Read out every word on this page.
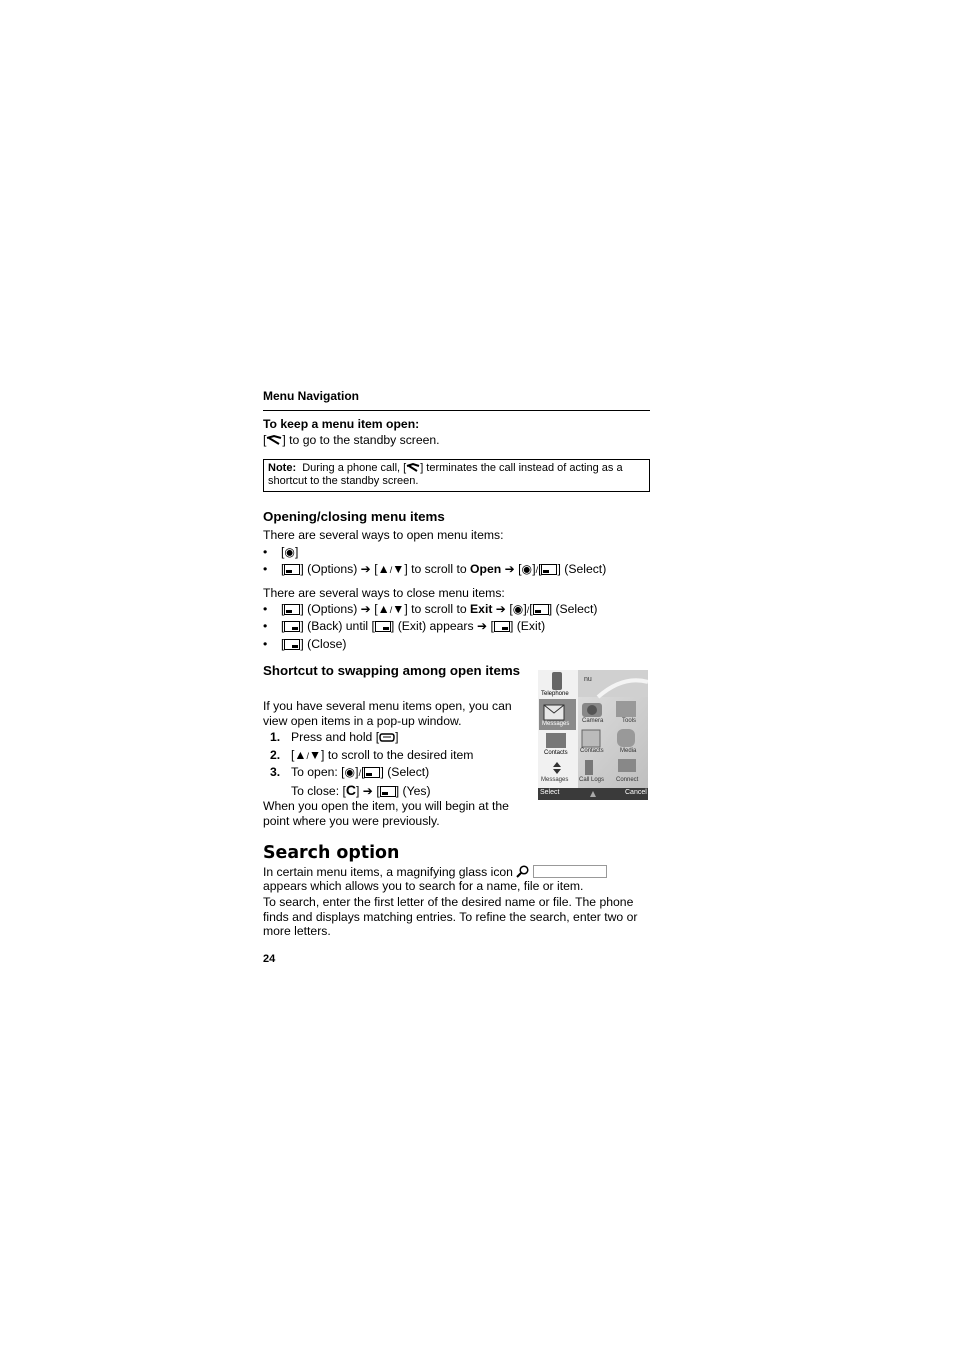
Menu Navigation
To keep a menu item open:
[ ] to go to the standby screen.
Note: During a phone call, [ ] terminates the call instead of acting as a shortcut to the standby screen.
Opening/closing menu items
There are several ways to open menu items:
• [◉]
• [ ] (Options) ➔ [▲/▼] to scroll to Open ➔ [◉]/[ ] (Select)
There are several ways to close menu items:
• [ ] (Options) ➔ [▲/▼] to scroll to Exit ➔ [◉]/[ ] (Select)
• [ ] (Back) until [ ] (Exit) appears ➔ [ ] (Exit)
• [ ] (Close)
Shortcut to swapping among open items
If you have several menu items open, you can view open items in a pop-up window.
1. Press and hold [ ]
2. [▲/▼] to scroll to the desired item
3. To open: [◉]/[ ] (Select)
To close: [C] ➔ [ ] (Yes)
When you open the item, you will begin at the point where you were previously.
Telephone
Messages Camera	Tools
Contacts Contacts	Media
Messages Call Logs Connect
nu
Select	Cancel
Search option
In certain menu items, a magnifying glass icon
appears which allows you to search for a name, file or item.
To search, enter the first letter of the desired name or file. The phone finds and displays matching entries. To refine the search, enter two or more letters.
24
